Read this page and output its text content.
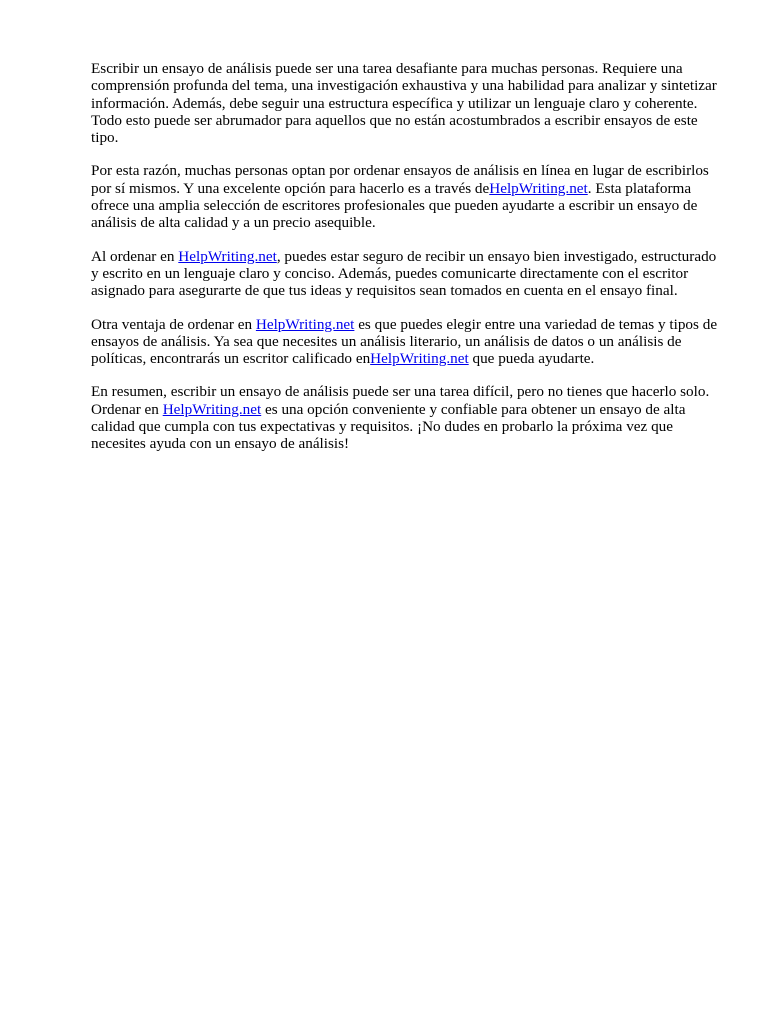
Escribir un ensayo de análisis puede ser una tarea desafiante para muchas personas. Requiere una comprensión profunda del tema, una investigación exhaustiva y una habilidad para analizar y sintetizar información. Además, debe seguir una estructura específica y utilizar un lenguaje claro y coherente. Todo esto puede ser abrumador para aquellos que no están acostumbrados a escribir ensayos de este tipo.

Por esta razón, muchas personas optan por ordenar ensayos de análisis en línea en lugar de escribirlos por sí mismos. Y una excelente opción para hacerlo es a través deHelpWriting.net. Esta plataforma ofrece una amplia selección de escritores profesionales que pueden ayudarte a escribir un ensayo de análisis de alta calidad y a un precio asequible.

Al ordenar en HelpWriting.net, puedes estar seguro de recibir un ensayo bien investigado, estructurado y escrito en un lenguaje claro y conciso. Además, puedes comunicarte directamente con el escritor asignado para asegurarte de que tus ideas y requisitos sean tomados en cuenta en el ensayo final.

Otra ventaja de ordenar en HelpWriting.net es que puedes elegir entre una variedad de temas y tipos de ensayos de análisis. Ya sea que necesites un análisis literario, un análisis de datos o un análisis de políticas, encontrarás un escritor calificado enHelpWriting.net que pueda ayudarte.

En resumen, escribir un ensayo de análisis puede ser una tarea difícil, pero no tienes que hacerlo solo. Ordenar en HelpWriting.net es una opción conveniente y confiable para obtener un ensayo de alta calidad que cumpla con tus expectativas y requisitos. ¡No dudes en probarlo la próxima vez que necesites ayuda con un ensayo de análisis!
